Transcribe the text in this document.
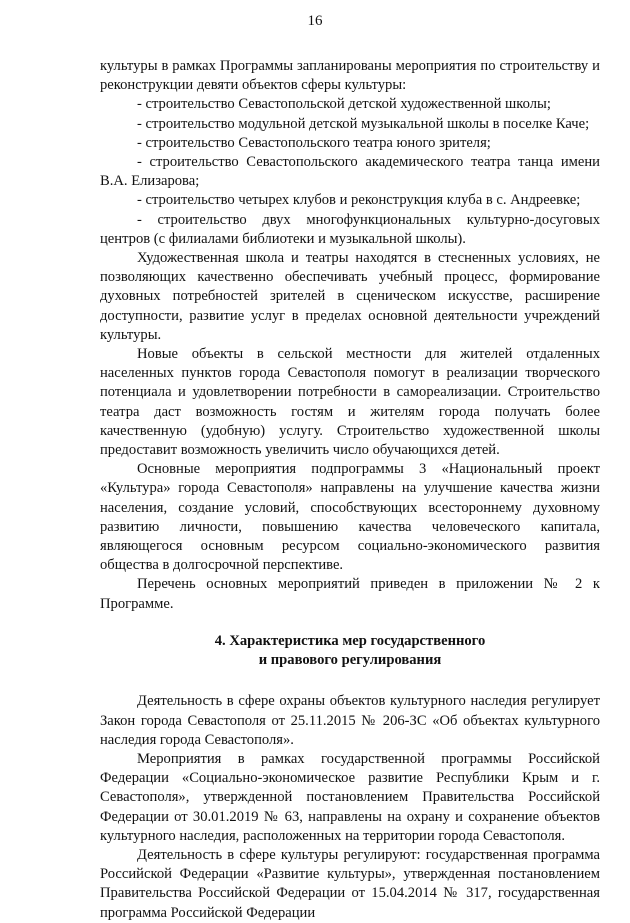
16

культуры в рамках Программы запланированы мероприятия по строительству и реконструкции девяти объектов сферы культуры:

- строительство Севастопольской детской художественной школы;

- строительство модульной детской музыкальной школы в поселке Каче;

- строительство Севастопольского театра юного зрителя;

- строительство Севастопольского академического театра танца имени В.А. Елизарова;

- строительство четырех клубов и реконструкция клуба в с. Андреевке;

- строительство двух многофункциональных культурно-досуговых центров (с филиалами библиотеки и музыкальной школы).

Художественная школа и театры находятся в стесненных условиях, не позволяющих качественно обеспечивать учебный процесс, формирование духовных потребностей зрителей в сценическом искусстве, расширение доступности, развитие услуг в пределах основной деятельности учреждений культуры.

Новые объекты в сельской местности для жителей отдаленных населенных пунктов города Севастополя помогут в реализации творческого потенциала и удовлетворении потребности в самореализации. Строительство театра даст возможность гостям и жителям города получать более качественную (удобную) услугу. Строительство художественной школы предоставит возможность увеличить число обучающихся детей.

Основные мероприятия подпрограммы 3 «Национальный проект «Культура» города Севастополя» направлены на улучшение качества жизни населения, создание условий, способствующих всестороннему духовному развитию личности, повышению качества человеческого капитала, являющегося основным ресурсом социально-экономического развития общества в долгосрочной перспективе.

Перечень основных мероприятий приведен в приложении № 2 к Программе.

4. Характеристика мер государственного
и правового регулирования

Деятельность в сфере охраны объектов культурного наследия регулирует Закон города Севастополя от 25.11.2015 № 206-ЗС «Об объектах культурного наследия города Севастополя».

Мероприятия в рамках государственной программы Российской Федерации «Социально-экономическое развитие Республики Крым и г. Севастополя», утвержденной постановлением Правительства Российской Федерации от 30.01.2019 № 63, направлены на охрану и сохранение объектов культурного наследия, расположенных на территории города Севастополя.

Деятельность в сфере культуры регулируют: государственная программа Российской Федерации «Развитие культуры», утвержденная постановлением Правительства Российской Федерации от 15.04.2014 № 317, государственная программа Российской Федерации
